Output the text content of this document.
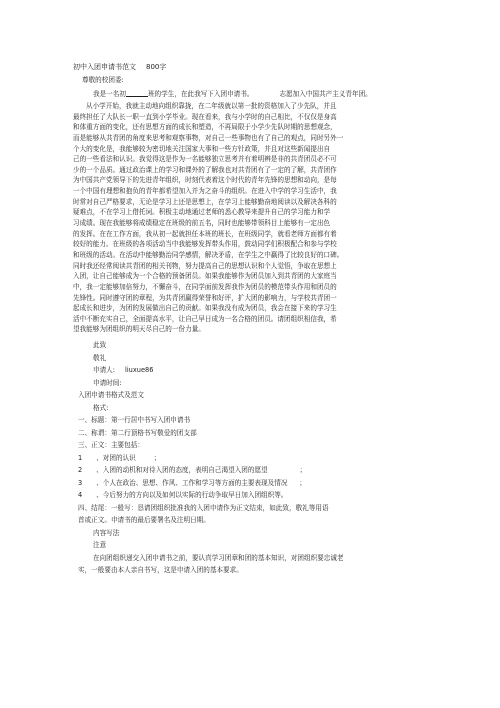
初中入团申请书范文 800字
尊敬的校团委:
我是一名初	班的学生，在此我写下入团申请书。	志愿加入中国共产主义青年团。
从小学开始，我就主动地向组织靠拢，在二年级就以第一批的资格加入了少先队，并且
最终担任了大队长一职一直到小学毕业。现在看来，我与小学时的自己相比，不仅仅是身高
和体重方面的变化，还有思想方面的成长和塑造，不再局限于小学少先队时期的思想观念，
而是能够从共青团的角度来思考和观察事物，对自己一些事物也有了自己的观点，同时另外一
个大的变化是，我能够较为密切地关注国家大事和一些方针政策，并且对这些新闻提出自
己的一些看法和认识。我觉得这是作为一名能够独立思考并有着明辨是非的共青团员必不可
少的一个品质。通过政治课上的学习和课外的了解我也对共青团有了一定的了解，共青团作
为中国共产党领导下的先进青年组织，时刻代表着这个时代的青年先锋的思想和动向，是每
一个中国有理想和抱负的青年都希望加入并为之奋斗的组织。在进入中学的学习生活中，我
时常对自己严格要求，无论是学习上还是思想上，在学习上能够勤奋地阅读以及解决各科的
疑难点，不在学习上借托词。积极主动地通过老师的悉心教导来提升自己的学习能力和学
习成绩。现在我能够将成绩稳定在班级的前五名，同时也能够带领科目上能够有一定出色
的发挥。在在工作方面，我从初一起就担任本班的班长，在班级同学，就看老师方面都有着
较好的能力。在班级的各项活动当中我能够发挥带头作用，鼓动同学们积极配合和参与学校
和班级的活动。在活动中能够勤治同学感情，解决矛盾，在学生之中赢得了比较良好的口碑。
同时我还经常阅读共青团的相关刊物，努力提高自己的思想认识和个人觉悟，争取在思想上
入团，让自己能够成为一个合格的预备团员。如果我能够作为团员加入到共青团的大家庭当
中，我一定能够加倍努力，不懈奋斗，在同学面前发挥我作为团员的模范带头作用和团员的
先锋性。同时遵守团的章程，为共青团赢得荣誉和好评，扩大团的影响力，与学校共青团一
起成长和进步，为团的发展做出自己的贡献。如果我没有成为团员，我会在接下来的学习生
活中不断充实自己，全面提高水平，让自己早日成为一名合格的团员。请团组织相信我，希
望我能够为团组织的明天尽自己的一份力量。
此致
敬礼
申请人: liuxue86
申请时间:
入团申请书格式及范文
格式:
一、标题：第一行居中书写入团申请书
二、称谓：第二行顶格书写敬爱的团支部
三、正文：主要包括：
1 、对团的认识	；
2 、入团的动机和对待入团的态度，表明自己渴望入团的愿望	；
3 、个人在政治、思想、作风、工作和学习等方面的主要表现及情况 ；
4 、今后努力的方向以及如何以实际的行动争取早日加入团组织等。
四、结尾：一般写：恳请团组织批准我的入团申请作为正文结束，如此致，敬礼等用语
首或正文。申请书的最后要署名及注明日期。
内容写法
注意
在向团组织递交入团申请书之前，要认真学习团章和团的基本知识，对团组织要忠诚老
实，一般要由本人亲自书写，这是申请入团的基本要求。
